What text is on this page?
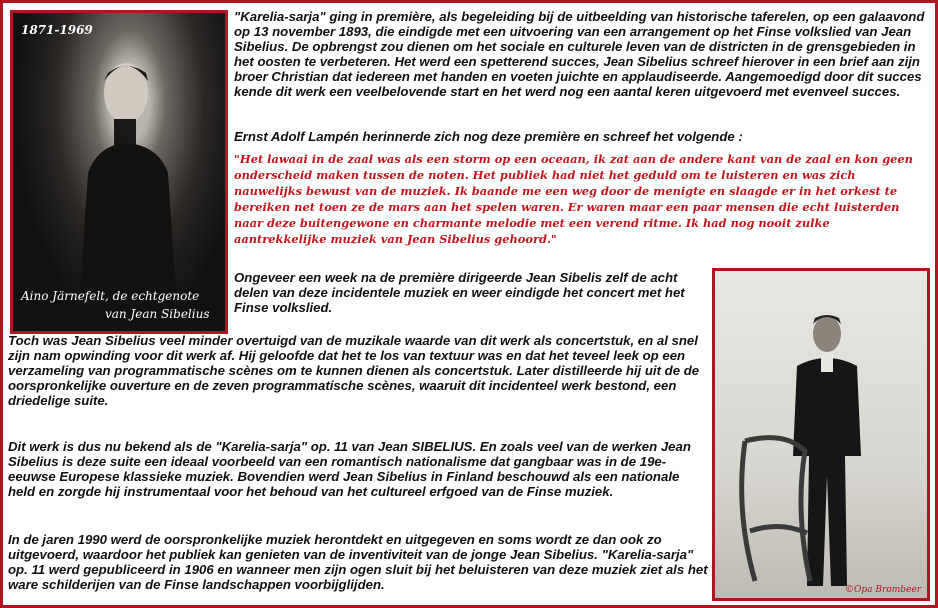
1871-1969
Aino Järnefelt, de echtgenote
van Jean Sibelius
©Opa Brombeer

"Karelia-sarja" ging in première, als begeleiding bij de uitbeelding van historische taferelen, op een galaavond op 13 november 1893, die eindigde met een uitvoering van een arrangement op het Finse volkslied van Jean Sibelius. De opbrengst zou dienen om het sociale en culturele leven van de districten in de grensgebieden in het oosten te verbeteren. Het werd een spetterend succes, Jean Sibelius schreef hierover in een brief aan zijn broer Christian dat iedereen met handen en voeten juichte en applaudiseerde. Aangemoedigd door dit succes kende dit werk een veelbelovende start en het werd nog een aantal keren uitgevoerd met evenveel succes.

Ernst Adolf Lampén herinnerde zich nog deze première en schreef het volgende :

"Het lawaai in de zaal was als een storm op een oceaan, ik zat aan de andere kant van de zaal en kon geen onderscheid maken tussen de noten. Het publiek had niet het geduld om te luisteren en was zich nauwelijks bewust van de muziek. Ik baande me een weg door de menigte en slaagde er in het orkest te bereiken net toen ze de mars aan het spelen waren. Er waren maar een paar mensen die echt luisterden naar deze buitengewone en charmante melodie met een verend ritme. Ik had nog nooit zulke aantrekkelijke muziek van Jean Sibelius gehoord."

Ongeveer een week na de première dirigeerde Jean Sibelis zelf de acht delen van deze incidentele muziek en weer eindigde het concert met het Finse volkslied.

Toch was Jean Sibelius veel minder overtuigd van de muzikale waarde van dit werk als concertstuk, en al snel zijn nam opwinding voor dit werk af. Hij geloofde dat het te los van textuur was en dat het teveel leek op een verzameling van programmatische scènes om te kunnen dienen als concertstuk. Later distilleerde hij uit de de oorspronkelijke ouverture en de zeven programmatische scènes, waaruit dit incidenteel werk bestond, een driedelige suite.

Dit werk is dus nu bekend als de "Karelia-sarja" op. 11 van Jean SIBELIUS. En zoals veel van de werken Jean Sibelius is deze suite een ideaal voorbeeld van een romantisch nationalisme dat gangbaar was in de 19e-eeuwse Europese klassieke muziek. Bovendien werd Jean Sibelius in Finland beschouwd als een nationale held en zorgde hij instrumentaal voor het behoud van het cultureel erfgoed van de Finse muziek.

In de jaren 1990 werd de oorspronkelijke muziek herontdekt en uitgegeven en soms wordt ze dan ook zo uitgevoerd, waardoor het publiek kan genieten van de inventiviteit van de jonge Jean Sibelius. "Karelia-sarja" op. 11 werd gepubliceerd in 1906 en wanneer men zijn ogen sluit bij het beluisteren van deze muziek ziet als het ware schilderijen van de Finse landschappen voorbijglijden.
